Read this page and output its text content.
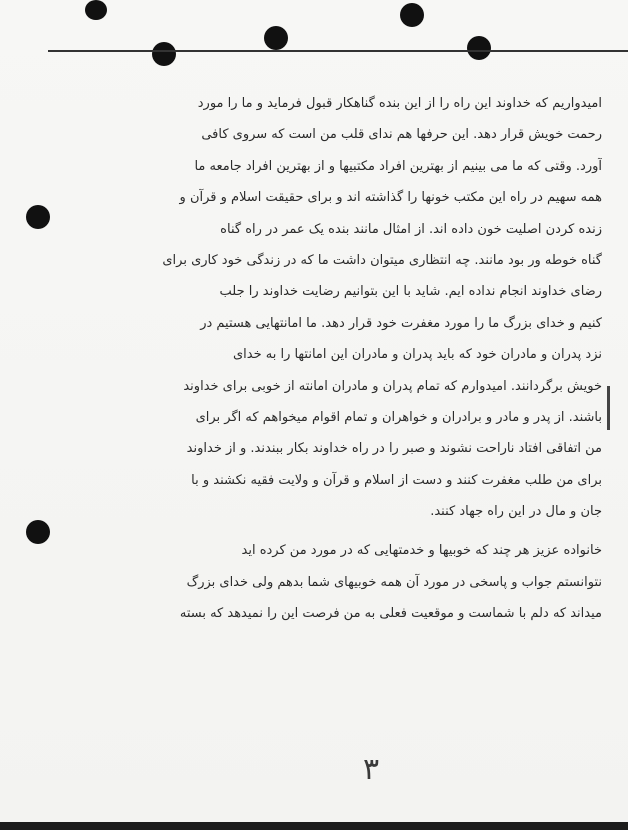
امیدواریم که خداوند این راه را از این بنده گناهکار قبول فرماید و ما را مورد
رحمت خویش قرار دهد. این حرفها هم ندای قلب من است که سروی کافی
آورد. وقتی که ما می بینیم از بهترین افراد مکتبیها و از بهترین افراد جامعه ما
همه سهیم در راه این مکتب خونها را گذاشته اند و برای حقیقت اسلام و قرآن و
زنده کردن اصلیت خون داده اند. از امثال مانند بنده یک عمر در راه گناه
گناه خوطه ور بود مانند. چه انتظاری میتوان داشت ما که در زندگی خود کاری برای
رضای خداوند انجام نداده ایم. شاید با این بتوانیم رضایت خداوند را جلب
کنیم و خدای بزرگ ما را مورد مغفرت خود قرار دهد. ما امانتهایی هستیم در
نزد پدران و مادران خود که باید پدران و مادران این امانتها را به خدای
خویش برگردانند. امیدوارم که تمام پدران و مادران امانته از خوبی برای خداوند
باشند. از پدر و مادر و برادران و خواهران و تمام اقوام میخواهم که اگر برای
من اتفاقی افتاد ناراحت نشوند و صبر را در راه خداوند بکار ببندند. و از خداوند
برای من طلب مغفرت کنند و دست از اسلام و قرآن و ولایت فقیه نکشند و با
جان و مال در این راه جهاد کنند.
خانواده عزیز هر چند که خوبیها و خدمتهایی که در مورد من کرده اید
نتوانستم جواب و پاسخی در مورد آن همه خوبیهای شما بدهم ولی خدای بزرگ
میداند که دلم با شماست و موقعیت فعلی به من فرصت این را نمیدهد که بسته
٣
